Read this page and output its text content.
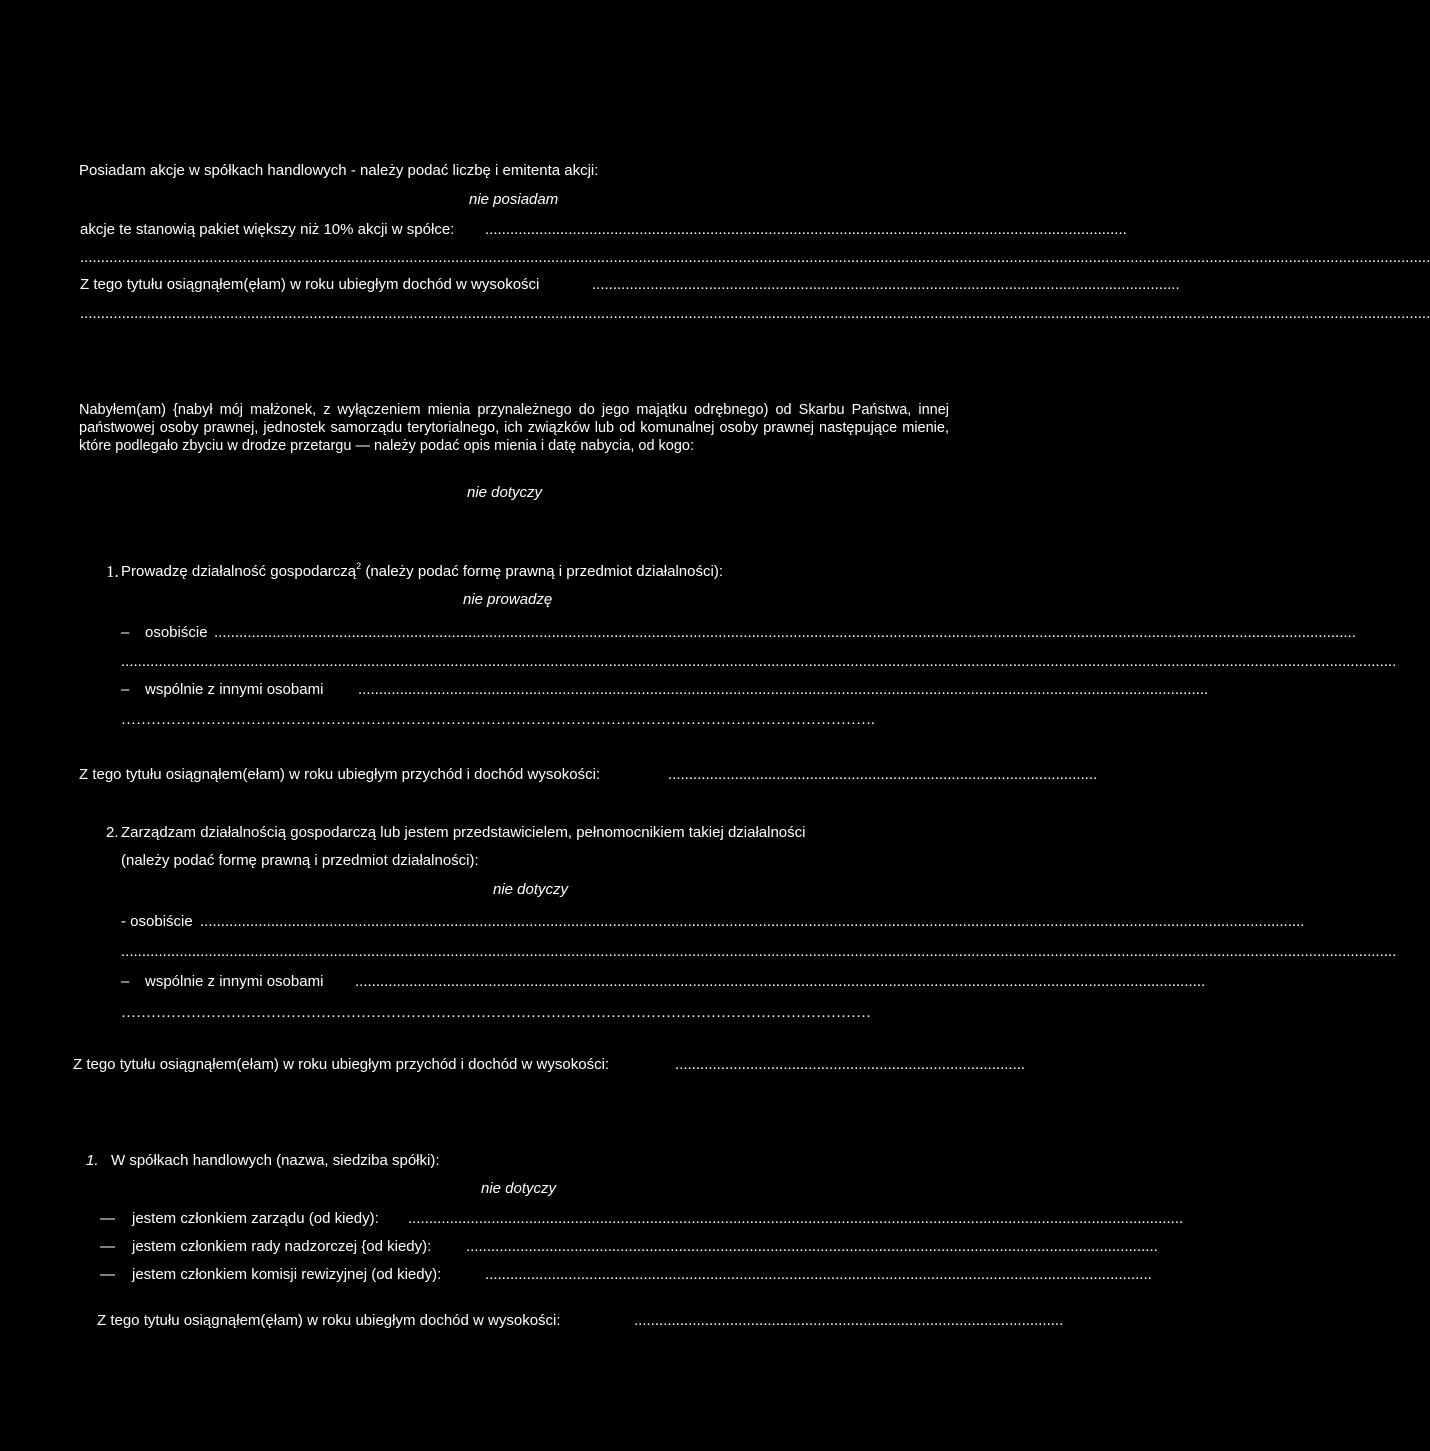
Posiadam akcje w spółkach handlowych - należy podać liczbę i emitenta akcji:
nie posiadam
akcje te stanowią pakiet większy niż 10% akcji w spółce: ..........................................................................................................................................................
....................................................................................................................................................................................................................................................................................................................................
Z tego tytułu osiągnąłem(ęłam) w roku ubiegłym dochód w wysokości	.............................................................................................................................................
....................................................................................................................................................................................................................................................................................................................................
Nabyłem(am) {nabył mój małżonek, z wyłączeniem mienia przynależnego do jego majątku odrębnego) od Skarbu Państwa, innej państwowej osoby prawnej, jednostek samorządu terytorialnego, ich związków lub od komunalnej osoby prawnej następujące mienie, które podlegało zbyciu w drodze przetargu — należy podać opis mienia i datę nabycia, od kogo:
nie dotyczy
1. Prowadzę działalność gospodarczą$^2$ (należy podać formę prawną i przedmiot działalności):
nie prowadzę
– osobiście ..................................................................................................................................................................................................................................................................................
..................................................................................................................................................................................................................................................................................................................
– wspólnie z innymi osobami ............................................................................................................................................................................................................
…………………………………………………………………………………………………………………………………….
Z tego tytułu osiągnąłem(ełam) w roku ubiegłym przychód i dochód wysokości:	.......................................................................................................
2. Zarządzam działalnością gospodarczą lub jestem przedstawicielem, pełnomocnikiem takiej działalności
(należy podać formę prawną i przedmiot działalności):
nie dotyczy
- osobiście .........................................................................................................................................................................................................................................................................
..................................................................................................................................................................................................................................................................................................................
– wspólnie z innymi osobami ............................................................................................................................................................................................................
……………………………………………………………………………………………………………………………………
Z tego tytułu osiągnąłem(ełam) w roku ubiegłym przychód i dochód w wysokości:	....................................................................................
1. W spółkach handlowych (nazwa, siedziba spółki):
nie dotyczy
— jestem członkiem zarządu (od kiedy): ..........................................................................................................................................................................................
— jestem członkiem rady nadzorczej {od kiedy): ......................................................................................................................................................................
— jestem członkiem komisji rewizyjnej (od kiedy):	................................................................................................................................................................
Z tego tytułu osiągnąłem(ęłam) w roku ubiegłym dochód w wysokości:	.......................................................................................................
